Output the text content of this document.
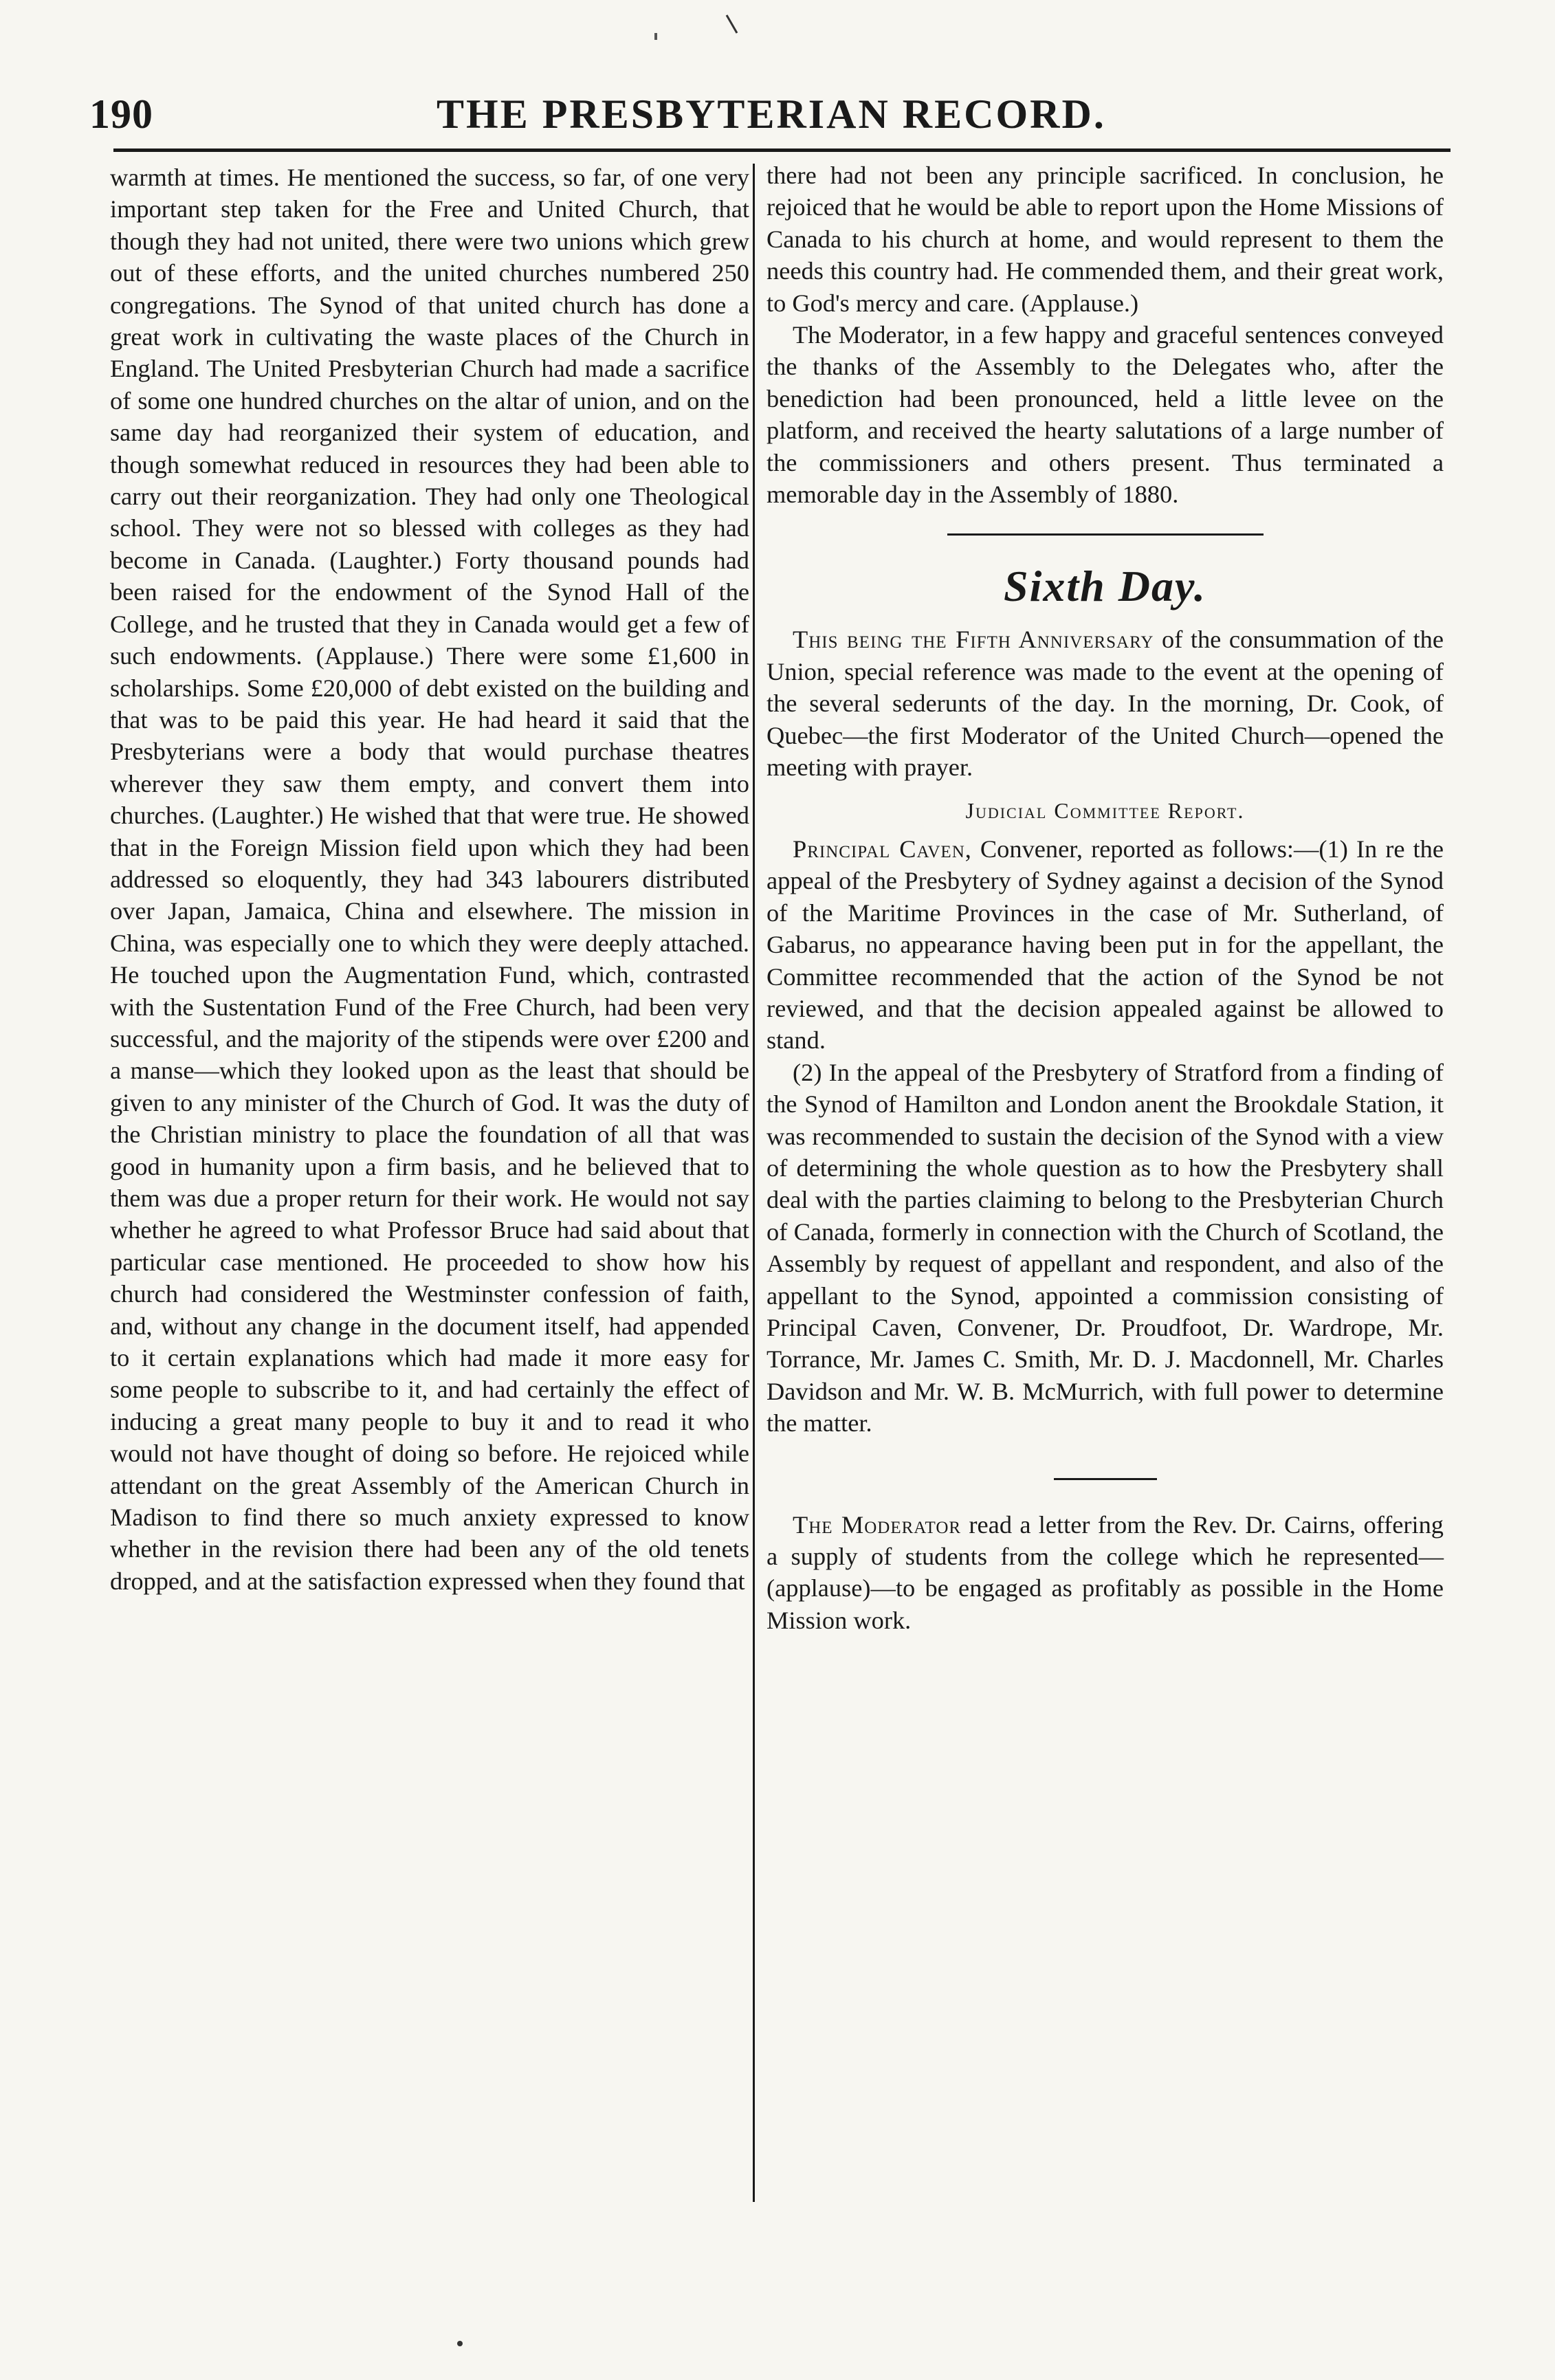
190	THE PRESBYTERIAN RECORD.

warmth at times. He mentioned the success, so far, of one very important step taken for the Free and United Church, that though they had not united, there were two unions which grew out of these efforts, and the united churches numbered 250 congregations. The Synod of that united church has done a great work in cultivating the waste places of the Church in England. The United Presbyterian Church had made a sacrifice of some one hundred churches on the altar of union, and on the same day had reorganized their system of education, and though somewhat reduced in resources they had been able to carry out their reorganization. They had only one Theological school. They were not so blessed with colleges as they had become in Canada. (Laughter.) Forty thousand pounds had been raised for the endowment of the Synod Hall of the College, and he trusted that they in Canada would get a few of such endowments. (Applause.) There were some £1,600 in scholarships. Some £20,000 of debt existed on the building and that was to be paid this year. He had heard it said that the Presbyterians were a body that would purchase theatres wherever they saw them empty, and convert them into churches. (Laughter.) He wished that that were true. He showed that in the Foreign Mission field upon which they had been addressed so eloquently, they had 343 labourers distributed over Japan, Jamaica, China and elsewhere. The mission in China, was especially one to which they were deeply attached. He touched upon the Augmentation Fund, which, contrasted with the Sustentation Fund of the Free Church, had been very successful, and the majority of the stipends were over £200 and a manse—which they looked upon as the least that should be given to any minister of the Church of God. It was the duty of the Christian ministry to place the foundation of all that was good in humanity upon a firm basis, and he believed that to them was due a proper return for their work. He would not say whether he agreed to what Professor Bruce had said about that particular case mentioned. He proceeded to show how his church had considered the Westminster confession of faith, and, without any change in the document itself, had appended to it certain explanations which had made it more easy for some people to subscribe to it, and had certainly the effect of inducing a great many people to buy it and to read it who would not have thought of doing so before. He rejoiced while attendant on the great Assembly of the American Church in Madison to find there so much anxiety expressed to know whether in the revision there had been any of the old tenets dropped, and at the satisfaction expressed when they found that

there had not been any principle sacrificed. In conclusion, he rejoiced that he would be able to report upon the Home Missions of Canada to his church at home, and would represent to them the needs this country had. He commended them, and their great work, to God's mercy and care. (Applause.)

The Moderator, in a few happy and graceful sentences conveyed the thanks of the Assembly to the Delegates who, after the benediction had been pronounced, held a little levee on the platform, and received the hearty salutations of a large number of the commissioners and others present. Thus terminated a memorable day in the Assembly of 1880.

Sixth Day.

This being the Fifth Anniversary of the consummation of the Union, special reference was made to the event at the opening of the several sederunts of the day. In the morning, Dr. Cook, of Quebec—the first Moderator of the United Church—opened the meeting with prayer.

Judicial Committee Report.

Principal Caven, Convener, reported as follows:—(1) In re the appeal of the Presbytery of Sydney against a decision of the Synod of the Maritime Provinces in the case of Mr. Sutherland, of Gabarus, no appearance having been put in for the appellant, the Committee recommended that the action of the Synod be not reviewed, and that the decision appealed against be allowed to stand.

(2) In the appeal of the Presbytery of Stratford from a finding of the Synod of Hamilton and London anent the Brookdale Station, it was recommended to sustain the decision of the Synod with a view of determining the whole question as to how the Presbytery shall deal with the parties claiming to belong to the Presbyterian Church of Canada, formerly in connection with the Church of Scotland, the Assembly by request of appellant and respondent, and also of the appellant to the Synod, appointed a commission consisting of Principal Caven, Convener, Dr. Proudfoot, Dr. Wardrope, Mr. Torrance, Mr. James C. Smith, Mr. D. J. Macdonnell, Mr. Charles Davidson and Mr. W. B. McMurrich, with full power to determine the matter.

The Moderator read a letter from the Rev. Dr. Cairns, offering a supply of students from the college which he represented—(applause)—to be engaged as profitably as possible in the Home Mission work.
